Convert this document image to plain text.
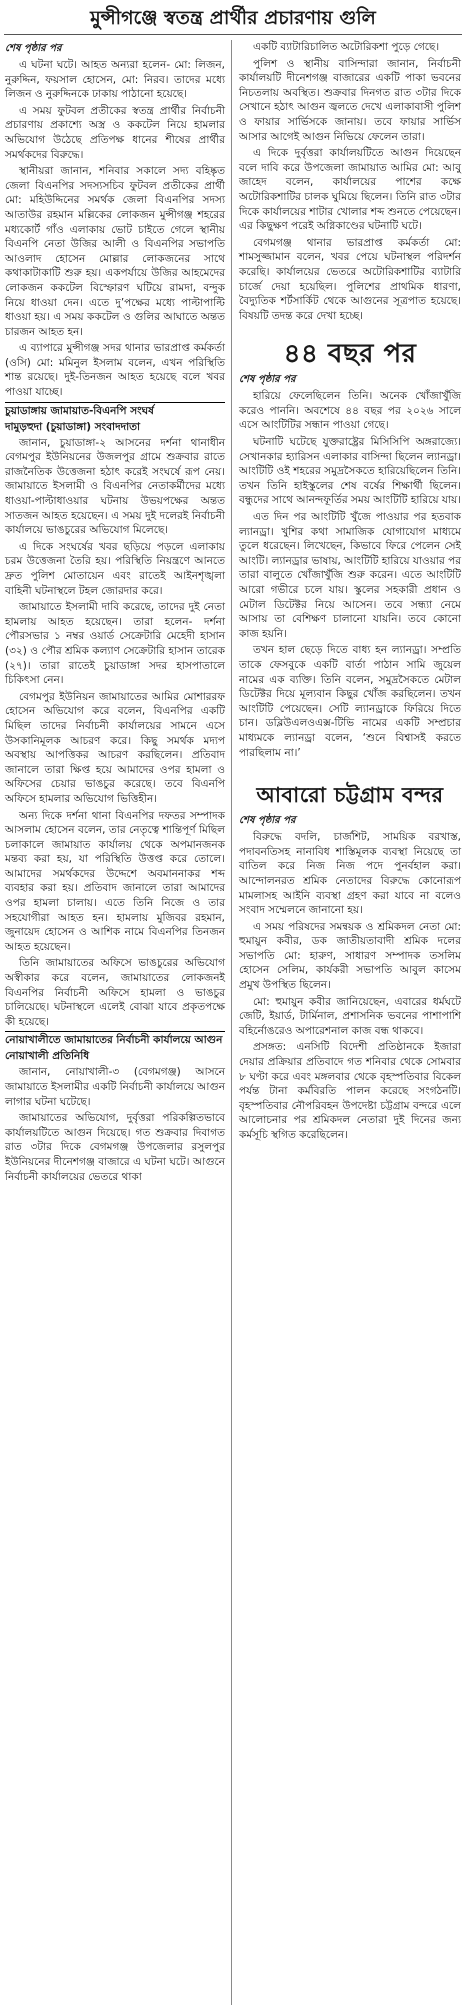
মুন্সীগঞ্জে স্বতন্ত্র প্রার্থীর প্রচারণায় গুলি
শেষ পৃষ্ঠার পর

এ ঘটনা ঘটে। আহত অন্যরা হলেন- মো: লিজন, নুরুদ্দিন, ফয়সাল হোসেন, মো: নিরব। তাদের মধ্যে লিজন ও নুরুদ্দিনকে ঢাকায় পাঠানো হয়েছে।

এ সময় ফুটবল প্রতীকের স্বতন্ত্র প্রার্থীর নির্বাচনী প্রচারণায় প্রকাশ্যে অস্ত্র ও ককটেল নিয়ে হামলার অভিযোগ উঠেছে প্রতিপক্ষ ধানের শীষের প্রার্থীর সমর্থকদের বিরুদ্ধে।

স্থানীয়রা জানান, শনিবার সকালে সদ্য বহিষ্কৃত জেলা বিএনপির সদস্যসচিব ফুটবল প্রতীকের প্রার্থী মো: মহিউদ্দিনের সমর্থক জেলা বিএনপির সদস্য আতাউর রহমান মল্লিকের লোকজন মুন্সীগঞ্জ শহরের মধ্যকোর্ট গাঁও এলাকায় ভোট চাইতে গেলে স্থানীয় বিএনপি নেতা উজির আলী ও বিএনপির সভাপতি আওলাদ হোসেন মোল্লার লোকজনের সাথে কথাকাটাকাটি শুরু হয়। একপর্যায়ে উজির আহমেদের লোকজন ককটেল বিস্ফোরণ ঘটিয়ে রামদা, বন্দুক নিয়ে ধাওয়া দেন। এতে দু’পক্ষের মধ্যে পাল্টাপাল্টি ধাওয়া হয়। এ সময় ককটেল ও গুলির আঘাতে অন্তত চারজন আহত হন।

এ ব্যাপারে মুন্সীগঞ্জ সদর থানার ভারপ্রাপ্ত কর্মকর্তা (ওসি) মো: মমিনুল ইসলাম বলেন, এখন পরিস্থিতি শান্ত রয়েছে। দুই-তিনজন আহত হয়েছে বলে খবর পাওয়া যাচ্ছে।

চুয়াডাঙ্গায় জামায়াত-বিএনপি সংঘর্ষ
দামুড়হুদা (চুয়াডাঙ্গা) সংবাদদাতা

জানান, চুয়াডাঙ্গা-২ আসনের দর্শনা থানাধীন বেগমপুর ইউনিয়নের উজলপুর গ্রামে শুক্রবার রাতে রাজনৈতিক উত্তেজনা হঠাৎ করেই সংঘর্ষে রূপ নেয়। জামায়াতে ইসলামী ও বিএনপির নেতাকর্মীদের মধ্যে ধাওয়া-পাল্টাধাওয়ার ঘটনায় উভয়পক্ষের অন্তত সাতজন আহত হয়েছেন। এ সময় দুই দলেরই নির্বাচনী কার্যালয়ে ভাঙচুরের অভিযোগ মিলেছে।

এ দিকে সংঘর্ষের খবর ছড়িয়ে পড়লে এলাকায় চরম উত্তেজনা তৈরি হয়। পরিস্থিতি নিয়ন্ত্রণে আনতে দ্রুত পুলিশ মোতায়েন এবং রাতেই আইনশৃঙ্খলা বাহিনী ঘটনাস্থলে টহল জোরদার করে।

জামায়াতে ইসলামী দাবি করেছে, তাদের দুই নেতা হামলায় আহত হয়েছেন। তারা হলেন- দর্শনা পৌরসভার ১ নম্বর ওয়ার্ড সেক্রেটারি মেহেদী হাসান (৩২) ও পৌর শ্রমিক কল্যাণ সেক্রেটারি হাসান তারেক (২৭)। তারা রাতেই চুয়াডাঙ্গা সদর হাসপাতালে চিকিৎসা নেন।

বেগমপুর ইউনিয়ন জামায়াতের আমির মোশাররফ হোসেন অভিযোগ করে বলেন, বিএনপির একটি মিছিল তাদের নির্বাচনী কার্যালয়ের সামনে এসে উসকানিমূলক আচরণ করে। কিছু সমর্থক মদ্যপ অবস্থায় আপত্তিকর আচরণ করছিলেন। প্রতিবাদ জানালে তারা ক্ষিপ্ত হয়ে আমাদের ওপর হামলা ও অফিসের চেয়ার ভাঙচুর করেছে। তবে বিএনপি অফিসে হামলার অভিযোগ ভিত্তিহীন।

অন্য দিকে দর্শনা থানা বিএনপির দফতর সম্পাদক আসলাম হোসেন বলেন, তার নেতৃত্বে শান্তিপূর্ণ মিছিল চলাকালে জামায়াত কার্যালয় থেকে অপমানজনক মন্তব্য করা হয়, যা পরিস্থিতি উত্তপ্ত করে তোলে। আমাদের সমর্থকদের উদ্দেশে অবমাননাকর শব্দ ব্যবহার করা হয়। প্রতিবাদ জানালে তারা আমাদের ওপর হামলা চালায়। এতে তিনি নিজে ও তার সহযোগীরা আহত হন। হামলায় মুজিবর রহমান, জুনায়েদ হোসেন ও আশিক নামে বিএনপির তিনজন আহত হয়েছেন।

তিনি জামায়াতের অফিসে ভাঙচুরের অভিযোগ অস্বীকার করে বলেন, জামায়াতের লোকজনই বিএনপির নির্বাচনী অফিসে হামলা ও ভাঙচুর চালিয়েছে। ঘটনাস্থলে এলেই বোঝা যাবে প্রকৃতপক্ষে কী হয়েছে।

নোয়াখালীতে জামায়াতের নির্বাচনী কার্যালয়ে আগুন
নোয়াখালী প্রতিনিধি

জানান, নোয়াখালী-৩ (বেগমগঞ্জ) আসনে জামায়াতে ইসলামীর একটি নির্বাচনী কার্যালয়ে আগুন লাগার ঘটনা ঘটেছে।

জামায়াতের অভিযোগ, দুর্বৃত্তরা পরিকল্পিতভাবে কার্যালয়টিতে আগুন দিয়েছে। গত শুক্রবার দিবাগত রাত ৩টার দিকে বেগমগঞ্জ উপজেলার রসুলপুর ইউনিয়নের দীনেশগঞ্জ বাজারে এ ঘটনা ঘটে। আগুনে নির্বাচনী কার্যালয়ের ভেতরে থাকা

একটি ব্যাটারিচালিত অটোরিকশা পুড়ে গেছে।

পুলিশ ও স্থানীয় বাসিন্দারা জানান, নির্বাচনী কার্যালয়টি দীনেশগঞ্জ বাজারের একটি পাকা ভবনের নিচতলায় অবস্থিত। শুক্রবার দিনগত রাত ৩টার দিকে সেখানে হঠাৎ আগুন জ্বলতে দেখে এলাকাবাসী পুলিশ ও ফায়ার সার্ভিসকে জানায়। তবে ফায়ার সার্ভিস আসার আগেই আগুন নিভিয়ে ফেলেন তারা।

এ দিকে দুর্বৃত্তরা কার্যালয়টিতে আগুন দিয়েছেন বলে দাবি করে উপজেলা জামায়াত আমির মো: আবু জাহেদ বলেন, কার্যালয়ের পাশের কক্ষে অটোরিকশাটির চালক ঘুমিয়ে ছিলেন। তিনি রাত ৩টার দিকে কার্যালয়ের শাটার খোলার শব্দ শুনতে পেয়েছেন। এর কিছুক্ষণ পরেই অগ্নিকাণ্ডের ঘটনাটি ঘটে।

বেগমগঞ্জ থানার ভারপ্রাপ্ত কর্মকর্তা মো: শামসুজ্জামান বলেন, খবর পেয়ে ঘটনাস্থল পরিদর্শন করেছি। কার্যালয়ের ভেতরে অটোরিকশাটির ব্যাটারি চার্জে দেয়া হয়েছিল। পুলিশের প্রাথমিক ধারণা, বৈদ্যুতিক শর্টসার্কিট থেকে আগুনের সূত্রপাত হয়েছে। বিষয়টি তদন্ত করে দেখা হচ্ছে।

৪৪ বছর পর
শেষ পৃষ্ঠার পর

হারিয়ে ফেলেছিলেন তিনি। অনেক খোঁজাখুঁজি করেও পাননি। অবশেষে ৪৪ বছর পর ২০২৬ সালে এসে আংটিটির সন্ধান পাওয়া গেছে।

ঘটনাটি ঘটেছে যুক্তরাষ্ট্রের মিসিসিপি অঙ্গরাজ্যে। সেখানকার হ্যারিসন এলাকার বাসিন্দা ছিলেন ল্যানড্রা। আংটিটি ওই শহরের সমুদ্রসৈকতে হারিয়েছিলেন তিনি। তখন তিনি হাইস্কুলের শেষ বর্ষের শিক্ষার্থী ছিলেন। বন্ধুদের সাথে আনন্দফূর্তির সময় আংটিটি হারিয়ে যায়।

এত দিন পর আংটিটি খুঁজে পাওয়ার পর হতবাক ল্যানড্রা। খুশির কথা সামাজিক যোগাযোগ মাধ্যমে তুলে ধরেছেন। লিখেছেন, কিভাবে ফিরে পেলেন সেই আংটি। ল্যানড্রার ভাষায়, আংটিটি হারিয়ে যাওয়ার পর তারা বালুতে খোঁজাখুঁজি শুরু করেন। এতে আংটিটি আরো গভীরে চলে যায়। স্কুলের সহকারী প্রধান ও মেটাল ডিটেক্টর নিয়ে আসেন। তবে সন্ধ্যা নেমে আসায় তা বেশিক্ষণ চালানো যায়নি। তবে কোনো কাজ হয়নি।

তখন হাল ছেড়ে দিতে বাধ্য হন ল্যানড্রা। সম্প্রতি তাকে ফেসবুকে একটি বার্তা পাঠান সামি জুয়েল নামের এক ব্যক্তি। তিনি বলেন, সমুদ্রসৈকতে মেটাল ডিটেক্টর দিয়ে মূল্যবান কিছুর খোঁজ করছিলেন। তখন আংটিটি পেয়েছেন। সেটি ল্যানড্রাকে ফিরিয়ে দিতে চান। ডব্লিউএলওএক্স-টিভি নামের একটি সম্প্রচার মাধ্যমকে ল্যানড্রা বলেন, ‘শুনে বিশ্বাসই করতে পারছিলাম না।’

আবারো চট্টগ্রাম বন্দর
শেষ পৃষ্ঠার পর

বিরুদ্ধে বদলি, চার্জশিট, সাময়িক বরখাস্ত, পদাবনতিসহ নানাবিধ শাস্তিমূলক ব্যবস্থা নিয়েছে তা বাতিল করে নিজ নিজ পদে পুনর্বহাল করা। আন্দোলনরত শ্রমিক নেতাদের বিরুদ্ধে কোনোরূপ মামলাসহ আইনি ব্যবস্থা গ্রহণ করা যাবে না বলেও সংবাদ সম্মেলনে জানানো হয়।

এ সময় পরিষদের সমন্বয়ক ও শ্রমিকদল নেতা মো: হুমায়ুন কবীর, ডক জাতীয়তাবাদী শ্রমিক দলের সভাপতি মো: হারুণ, সাধারণ সম্পাদক তসলিম হোসেন সেলিম, কার্যকরী সভাপতি আবুল কাসেম প্রমুখ উপস্থিত ছিলেন।

মো: হুমায়ুন কবীর জানিয়েছেন, এবারের ধর্মঘটে জেটি, ইয়ার্ড, টার্মিনাল, প্রশাসনিক ভবনের পাশাপাশি বহির্নোঙরেও অপারেশনাল কাজ বন্ধ থাকবে।

প্রসঙ্গত: এনসিটি বিদেশী প্রতিষ্ঠানকে ইজারা দেয়ার প্রক্রিয়ার প্রতিবাদে গত শনিবার থেকে সোমবার ৮ ঘণ্টা করে এবং মঙ্গলবার থেকে বৃহস্পতিবার বিকেল পর্যন্ত টানা কর্মবিরতি পালন করেছে সংগঠনটি। বৃহস্পতিবার নৌপরিবহন উপদেষ্টা চট্টগ্রাম বন্দরে এলে আলোচনার পর শ্রমিকদল নেতারা দুই দিনের জন্য কর্মসূচি স্থগিত করেছিলেন।
